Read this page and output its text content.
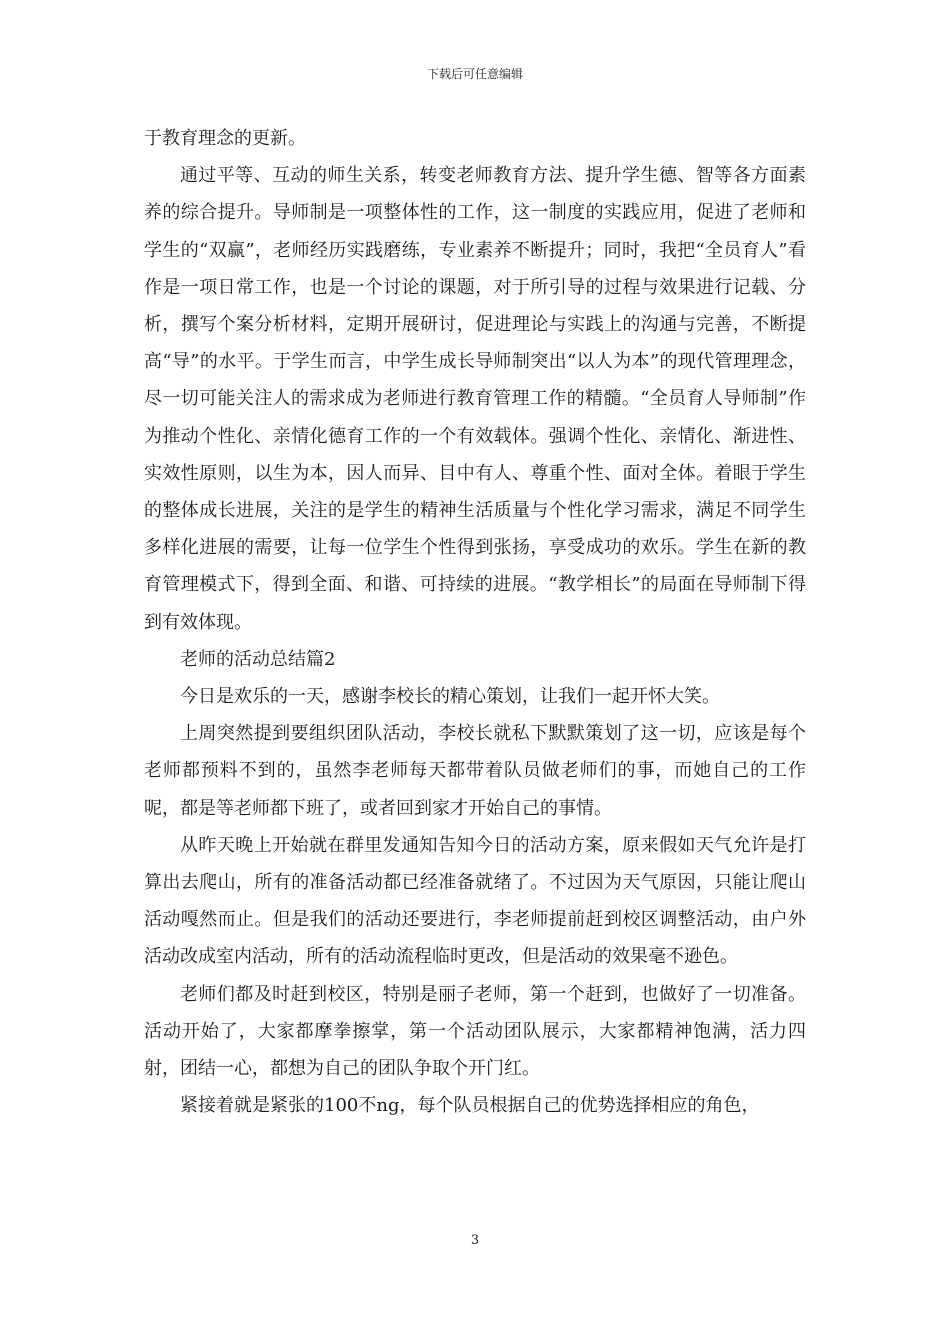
下载后可任意编辑

于教育理念的更新。

通过平等、互动的师生关系，转变老师教育方法、提升学生德、智等各方面素养的综合提升。导师制是一项整体性的工作，这一制度的实践应用，促进了老师和学生的“双赢”，老师经历实践磨练，专业素养不断提升；同时，我把“全员育人”看作是一项日常工作，也是一个讨论的课题，对于所引导的过程与效果进行记载、分析，撰写个案分析材料，定期开展研讨，促进理论与实践上的沟通与完善，不断提高“导”的水平。于学生而言，中学生成长导师制突出“以人为本”的现代管理理念，尽一切可能关注人的需求成为老师进行教育管理工作的精髓。“全员育人导师制”作为推动个性化、亲情化德育工作的一个有效载体。强调个性化、亲情化、渐进性、实效性原则，以生为本，因人而异、目中有人、尊重个性、面对全体。着眼于学生的整体成长进展，关注的是学生的精神生活质量与个性化学习需求，满足不同学生多样化进展的需要，让每一位学生个性得到张扬，享受成功的欢乐。学生在新的教育管理模式下，得到全面、和谐、可持续的进展。“教学相长”的局面在导师制下得到有效体现。

老师的活动总结篇2

今日是欢乐的一天，感谢李校长的精心策划，让我们一起开怀大笑。

上周突然提到要组织团队活动，李校长就私下默默策划了这一切，应该是每个老师都预料不到的，虽然李老师每天都带着队员做老师们的事，而她自己的工作呢，都是等老师都下班了，或者回到家才开始自己的事情。

从昨天晚上开始就在群里发通知告知今日的活动方案，原来假如天气允许是打算出去爬山，所有的准备活动都已经准备就绪了。不过因为天气原因，只能让爬山活动嘎然而止。但是我们的活动还要进行，李老师提前赶到校区调整活动，由户外活动改成室内活动，所有的活动流程临时更改，但是活动的效果毫不逊色。

老师们都及时赶到校区，特别是丽子老师，第一个赶到，也做好了一切准备。活动开始了，大家都摩拳擦掌，第一个活动团队展示，大家都精神饱满，活力四射，团结一心，都想为自己的团队争取个开门红。

紧接着就是紧张的100不ng，每个队员根据自己的优势选择相应的角色，

3
